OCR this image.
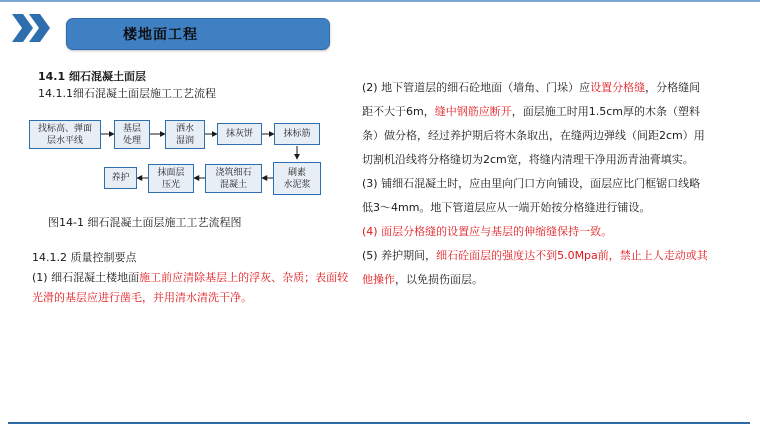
楼地面工程
14.1 细石混凝土面层
14.1.1细石混凝土面层施工工艺流程
找标高、弹面
层水平线
基层
处理
洒水
湿润
抹灰饼	抹标筋
养护
抹面层
压光
浇筑细石
混凝土
刷素
水泥浆
图14-1 细石混凝土面层施工工艺流程图
14.1.2 质量控制要点
(1) 细石混凝土楼地面施工前应清除基层上的浮灰、杂质；表面较光滑的基层应进行凿毛，并用清水清洗干净。

(2) 地下管道层的细石砼地面（墙角、门垛）应设置分格缝，分格缝间距不大于6m，缝中钢筋应断开，面层施工时用1.5cm厚的木条（塑料条）做分格，经过养护期后将木条取出，在缝两边弹线（间距2cm）用切割机沿线将分格缝切为2cm宽，将缝内清理干净用沥青油膏填实。

(3) 铺细石混凝土时，应由里向门口方向铺设，面层应比门框锯口线略低3～4mm。地下管道层应从一端开始按分格缝进行铺设。

(4) 面层分格缝的设置应与基层的伸缩缝保持一致。

(5) 养护期间，细石砼面层的强度达不到5.0Mpa前，禁止上人走动或其他操作，以免损伤面层。
